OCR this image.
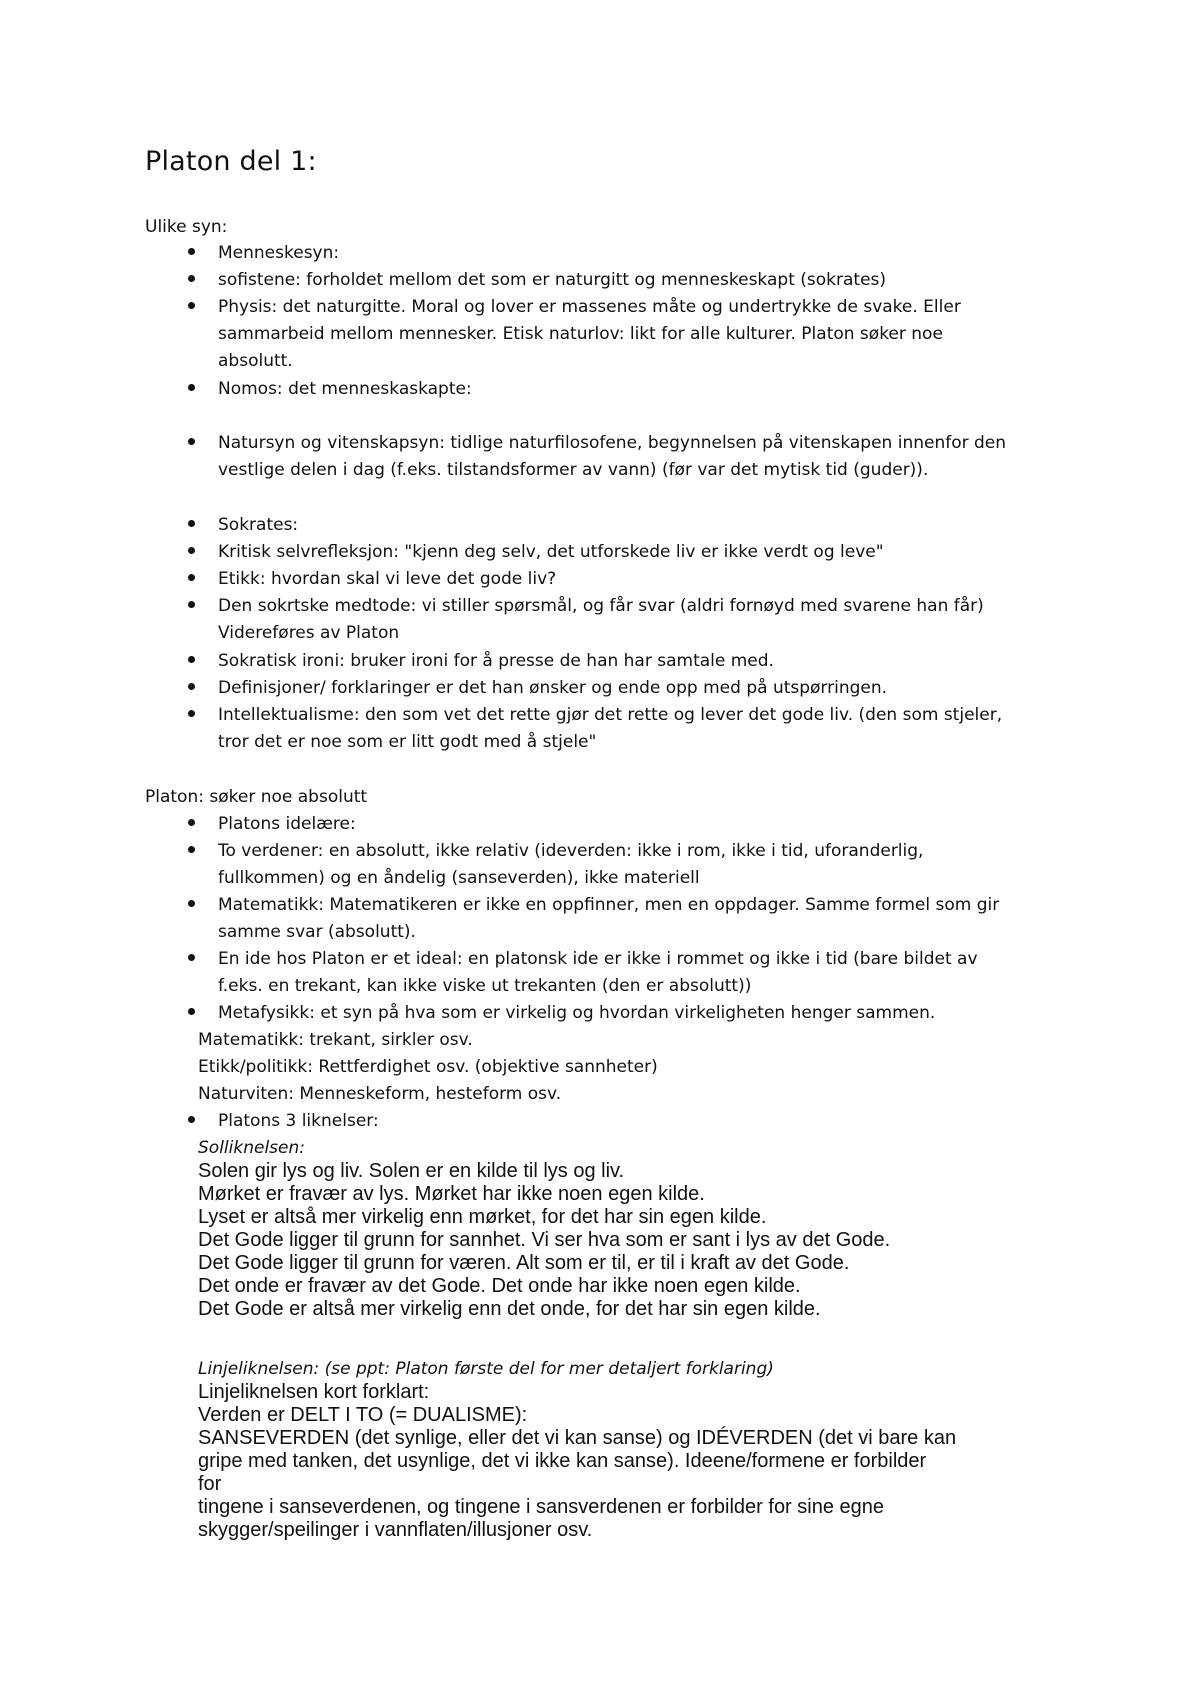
Platon del 1:
Ulike syn:
Menneskesyn:
sofistene: forholdet mellom det som er naturgitt og menneskeskapt (sokrates)
Physis: det naturgitte. Moral og lover er massenes måte og undertrykke de svake. Eller
sammarbeid mellom mennesker. Etisk naturlov: likt for alle kulturer. Platon søker noe
absolutt.
Nomos: det menneskaskapte:
Natursyn og vitenskapsyn: tidlige naturfilosofene, begynnelsen på vitenskapen innenfor den
vestlige delen i dag (f.eks. tilstandsformer av vann) (før var det mytisk tid (guder)).
Sokrates:
Kritisk selvrefleksjon: "kjenn deg selv, det utforskede liv er ikke verdt og leve"
Etikk: hvordan skal vi leve det gode liv?
Den sokrtske medtode: vi stiller spørsmål, og får svar (aldri fornøyd med svarene han får)
Videreføres av Platon
Sokratisk ironi: bruker ironi for å presse de han har samtale med.
Definisjoner/ forklaringer er det han ønsker og ende opp med på utspørringen.
Intellektualisme: den som vet det rette gjør det rette og lever det gode liv. (den som stjeler,
tror det er noe som er litt godt med å stjele"
Platon: søker noe absolutt
Platons idelære:
To verdener: en absolutt, ikke relativ (ideverden: ikke i rom, ikke i tid, uforanderlig,
fullkommen) og en åndelig (sanseverden), ikke materiell
Matematikk: Matematikeren er ikke en oppfinner, men en oppdager. Samme formel som gir
samme svar (absolutt).
En ide hos Platon er et ideal: en platonsk ide er ikke i rommet og ikke i tid (bare bildet av
f.eks. en trekant, kan ikke viske ut trekanten (den er absolutt))
Metafysikk: et syn på hva som er virkelig og hvordan virkeligheten henger sammen.
Matematikk: trekant, sirkler osv.
Etikk/politikk: Rettferdighet osv. (objektive sannheter)
Naturviten: Menneskeform, hesteform osv.
Platons 3 liknelser:
Solliknelsen:
Solen gir lys og liv. Solen er en kilde til lys og liv.
Mørket er fravær av lys. Mørket har ikke noen egen kilde.
Lyset er altså mer virkelig enn mørket, for det har sin egen kilde.
Det Gode ligger til grunn for sannhet. Vi ser hva som er sant i lys av det Gode.
Det Gode ligger til grunn for væren. Alt som er til, er til i kraft av det Gode.
Det onde er fravær av det Gode. Det onde har ikke noen egen kilde.
Det Gode er altså mer virkelig enn det onde, for det har sin egen kilde.
Linjeliknelsen: (se ppt: Platon første del for mer detaljert forklaring)
Linjeliknelsen kort forklart:
Verden er DELT I TO (= DUALISME):
SANSEVERDEN (det synlige, eller det vi kan sanse) og IDÉVERDEN (det vi bare kan
gripe med tanken, det usynlige, det vi ikke kan sanse). Ideene/formene er forbilder
for
tingene i sanseverdenen, og tingene i sansverdenen er forbilder for sine egne
skygger/speilinger i vannflaten/illusjoner osv.
